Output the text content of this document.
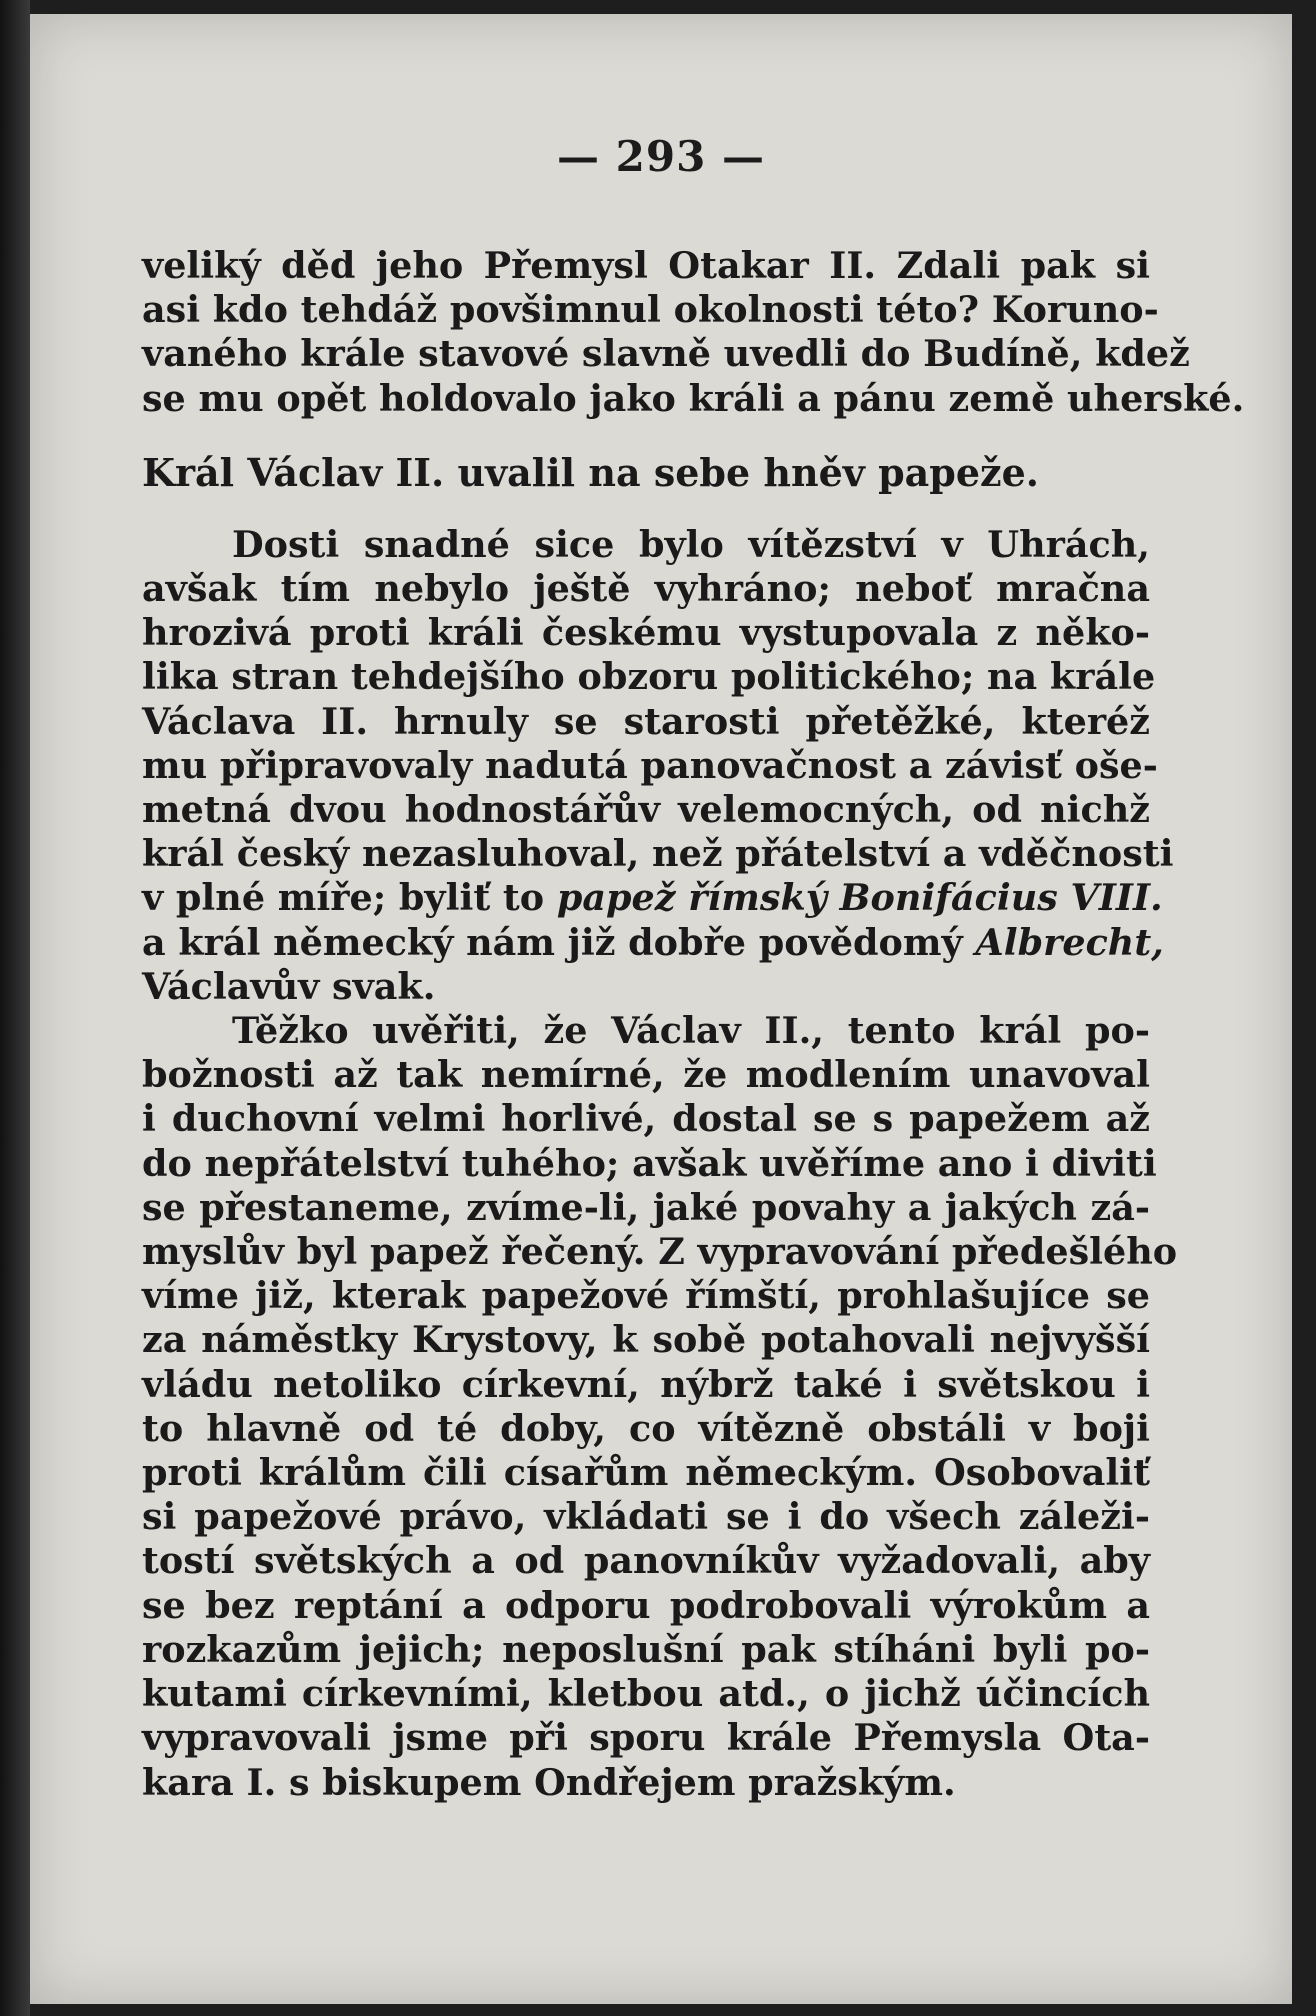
— 293 —

veliký děd jeho Přemysl Otakar II. Zdali pak si
asi kdo tehdáž povšimnul okolnosti této? Koruno-
vaného krále stavové slavně uvedli do Budíně, kdež
se mu opět holdovalo jako králi a pánu země uherské.

Král Václav II. uvalil na sebe hněv papeže.

Dosti snadné sice bylo vítězství v Uhrách,
avšak tím nebylo ještě vyhráno; neboť mračna
hrozivá proti králi českému vystupovala z něko-
lika stran tehdejšího obzoru politického; na krále
Václava II. hrnuly se starosti přetěžké, kteréž
mu připravovaly nadutá panovačnost a závisť oše-
metná dvou hodnostářův velemocných, od nichž
král český nezasluhoval, než přátelství a vděčnosti
v plné míře; byliť to papež římský Bonifácius VIII.
a král německý nám již dobře povědomý Albrecht,
Václavův svak.

Těžko uvěřiti, že Václav II., tento král po-
božnosti až tak nemírné, že modlením unavoval
i duchovní velmi horlivé, dostal se s papežem až
do nepřátelství tuhého; avšak uvěříme ano i diviti
se přestaneme, zvíme-li, jaké povahy a jakých zá-
myslův byl papež řečený. Z vypravování předešlého
víme již, kterak papežové římští, prohlašujíce se
za náměstky Krystovy, k sobě potahovali nejvyšší
vládu netoliko církevní, nýbrž také i světskou i
to hlavně od té doby, co vítězně obstáli v boji
proti králům čili císařům německým. Osobovaliť
si papežové právo, vkládati se i do všech záleži-
tostí světských a od panovníkův vyžadovali, aby
se bez reptání a odporu podrobovali výrokům a
rozkazům jejich; neposlušní pak stíháni byli po-
kutami církevními, kletbou atd., o jichž účincích
vypravovali jsme při sporu krále Přemysla Ota-
kara I. s biskupem Ondřejem pražským.
